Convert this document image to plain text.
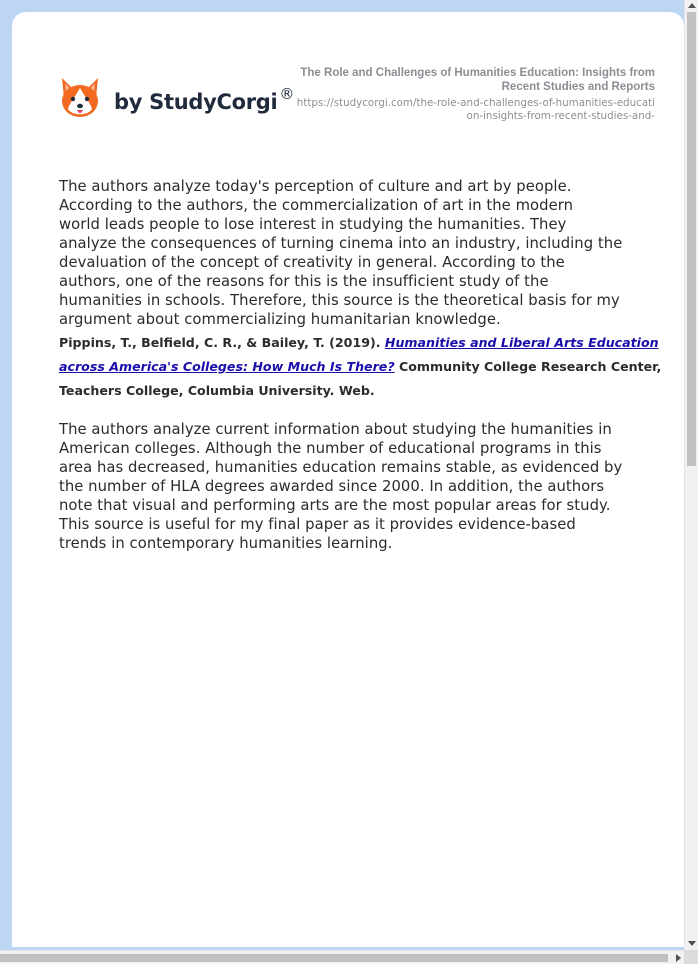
by StudyCorgi ®
The Role and Challenges of Humanities Education: Insights from Recent Studies and Reports
https://studycorgi.com/the-role-and-challenges-of-humanities-education-insights-from-recent-studies-and-

The authors analyze today's perception of culture and art by people.
According to the authors, the commercialization of art in the modern
world leads people to lose interest in studying the humanities. They
analyze the consequences of turning cinema into an industry, including the
devaluation of the concept of creativity in general. According to the
authors, one of the reasons for this is the insufficient study of the
humanities in schools. Therefore, this source is the theoretical basis for my
argument about commercializing humanitarian knowledge.

Pippins, T., Belfield, C. R., & Bailey, T. (2019). Humanities and Liberal Arts Education
across America's Colleges: How Much Is There? Community College Research Center,
Teachers College, Columbia University. Web.

The authors analyze current information about studying the humanities in
American colleges. Although the number of educational programs in this
area has decreased, humanities education remains stable, as evidenced by
the number of HLA degrees awarded since 2000. In addition, the authors
note that visual and performing arts are the most popular areas for study.
This source is useful for my final paper as it provides evidence-based
trends in contemporary humanities learning.
